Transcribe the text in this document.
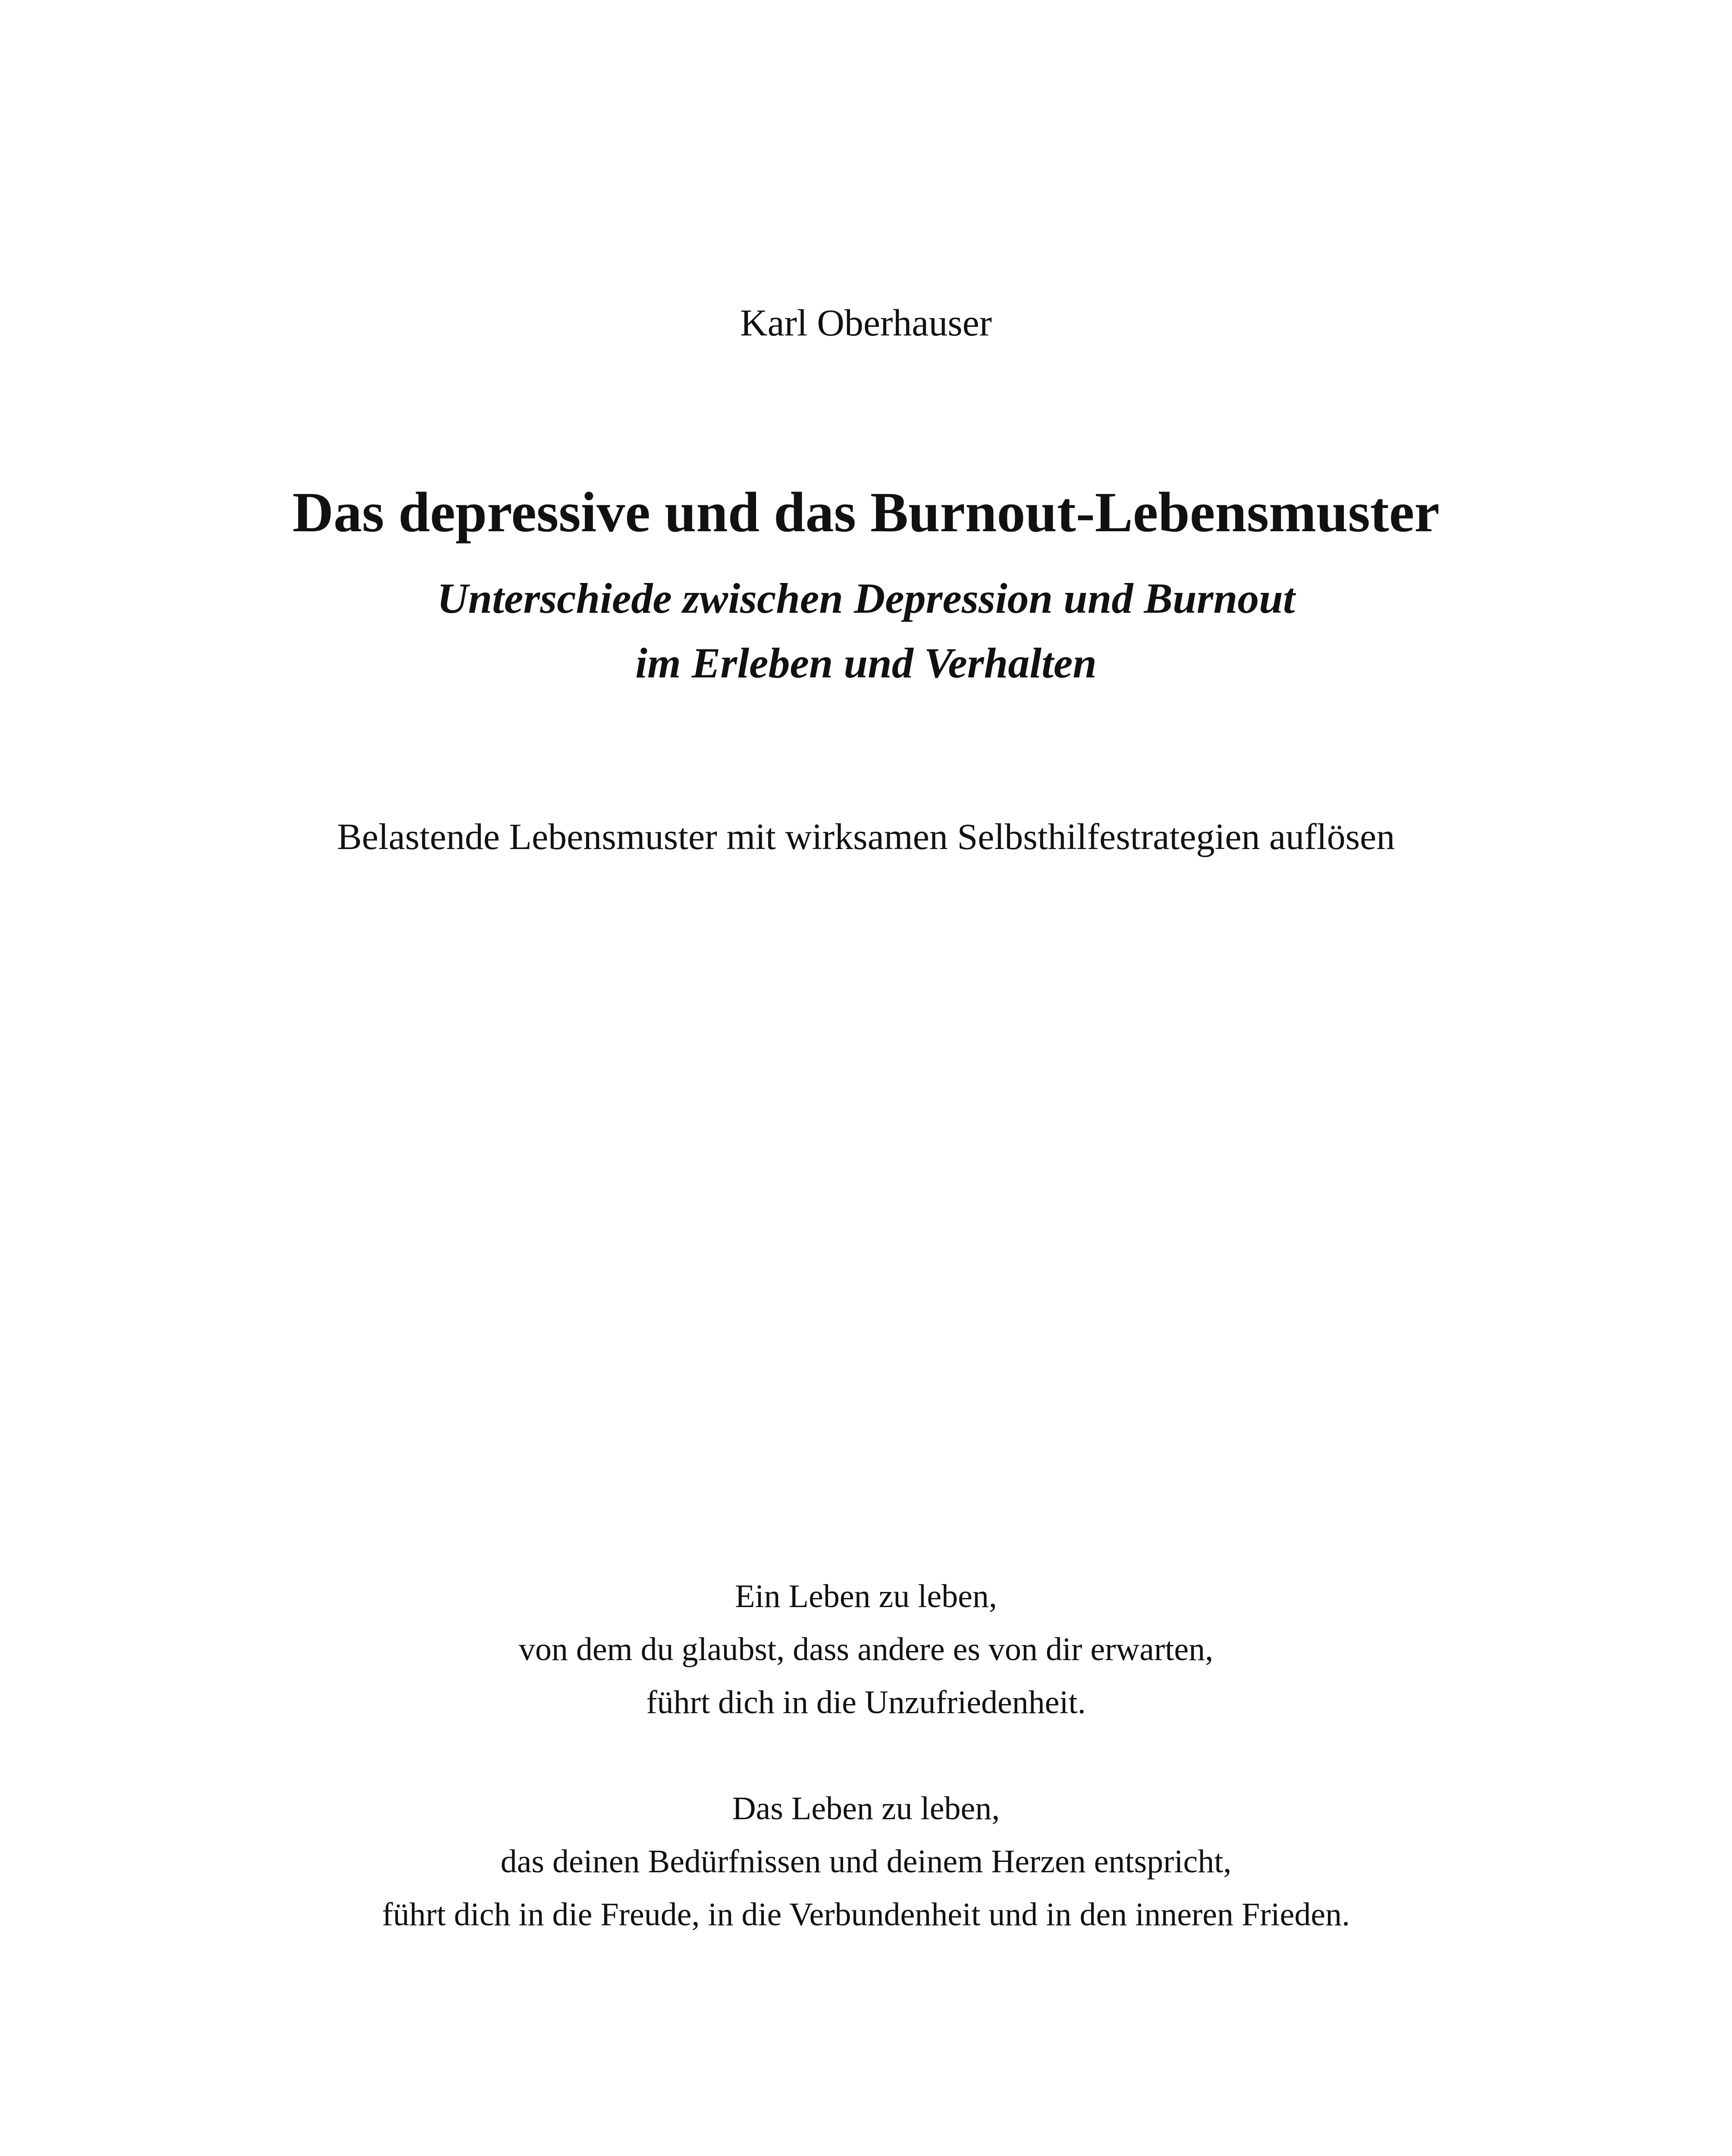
Karl Oberhauser

Das depressive und das Burnout-Lebensmuster

Unterschiede zwischen Depression und Burnout

im Erleben und Verhalten

Belastende Lebensmuster mit wirksamen Selbsthilfestrategien auflösen

Ein Leben zu leben,

von dem du glaubst, dass andere es von dir erwarten,

führt dich in die Unzufriedenheit.

Das Leben zu leben,

das deinen Bedürfnissen und deinem Herzen entspricht,

führt dich in die Freude, in die Verbundenheit und in den inneren Frieden.
